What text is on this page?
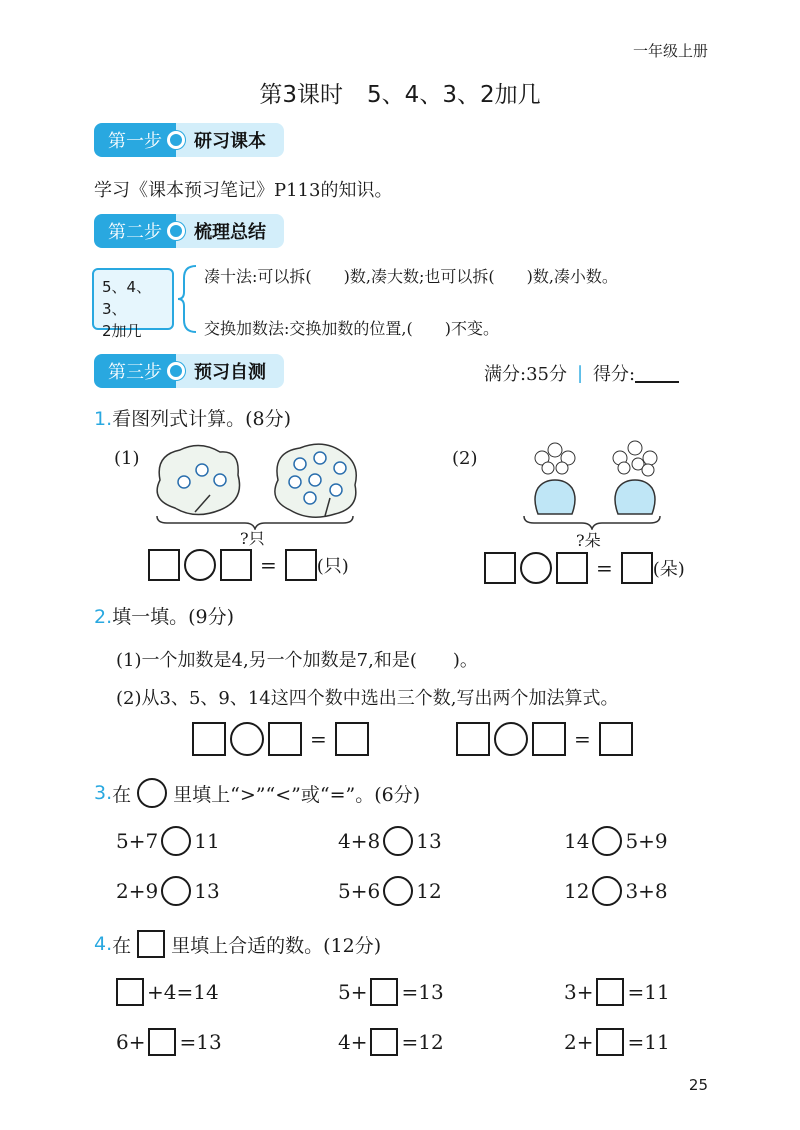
一年级上册
第3课时 5、4、3、2加几
第一步	研习课本
学习《课本预习笔记》P113的知识。
第二步	梳理总结
5、4、3、
2加几
凑十法:可以拆(　　)数,凑大数;也可以拆(　　)数,凑小数。
交换加数法:交换加数的位置,(　　)不变。
第三步	预习自测	满分:35分 | 得分:
1.看图列式计算。(8分)
(1)	(2)
?只	?朵
= (只)	= (朵)
2.填一填。(9分)
(1)一个加数是4,另一个加数是7,和是(　　)。
(2)从3、5、9、14这四个数中选出三个数,写出两个加法算式。
=	=
3. 在 里填上“>”“<”或“=”。(6分)
5+7 11	4+8 13	14 5+9
2+9 13	5+6 12	12 3+8
4. 在 里填上合适的数。(12分)
+4=14	5+ =13	3+ =11
6+ =13	4+ =12	2+ =11
25
